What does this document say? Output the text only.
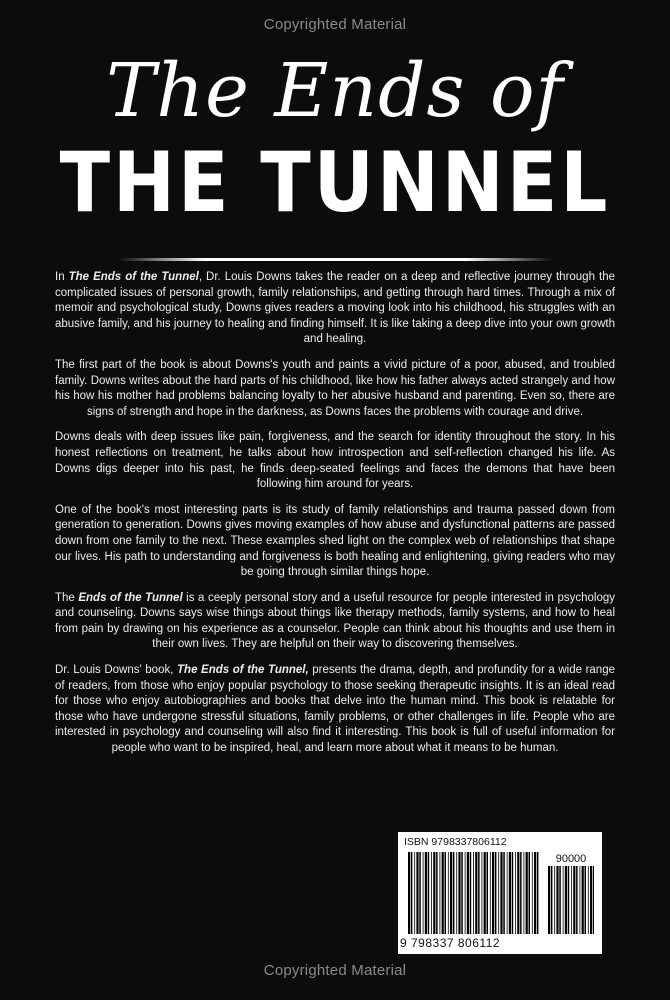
Copyrighted Material
The Ends of
THE TUNNEL

In The Ends of the Tunnel, Dr. Louis Downs takes the reader on a deep and reflective journey through the complicated issues of personal growth, family relationships, and getting through hard times. Through a mix of memoir and psychological study, Downs gives readers a moving look into his childhood, his struggles with an abusive family, and his journey to healing and finding himself. It is like taking a deep dive into your own growth and healing.

The first part of the book is about Downs's youth and paints a vivid picture of a poor, abused, and troubled family. Downs writes about the hard parts of his childhood, like how his father always acted strangely and how his how his mother had problems balancing loyalty to her abusive husband and parenting. Even so, there are signs of strength and hope in the darkness, as Downs faces the problems with courage and drive.

Downs deals with deep issues like pain, forgiveness, and the search for identity throughout the story. In his honest reflections on treatment, he talks about how introspection and self-reflection changed his life. As Downs digs deeper into his past, he finds deep-seated feelings and faces the demons that have been following him around for years.

One of the book's most interesting parts is its study of family relationships and trauma passed down from generation to generation. Downs gives moving examples of how abuse and dysfunctional patterns are passed down from one family to the next. These examples shed light on the complex web of relationships that shape our lives. His path to understanding and forgiveness is both healing and enlightening, giving readers who may be going through similar things hope.

The Ends of the Tunnel is a ceeply personal story and a useful resource for people interested in psychology and counseling. Downs says wise things about things like therapy methods, family systems, and how to heal from pain by drawing on his experience as a counselor. People can think about his thoughts and use them in their own lives. They are helpful on their way to discovering themselves.

Dr. Louis Downs' book, The Ends of the Tunnel, presents the drama, depth, and profundity for a wide range of readers, from those who enjoy popular psychology to those seeking therapeutic insights. It is an ideal read for those who enjoy autobiographies and books that delve into the human mind. This book is relatable for those who have undergone stressful situations, family problems, or other challenges in life. People who are interested in psychology and counseling will also find it interesting. This book is full of useful information for people who want to be inspired, heal, and learn more about what it means to be human.

ISBN 9798337806112
90000
9 798337 806112
Copyrighted Material
